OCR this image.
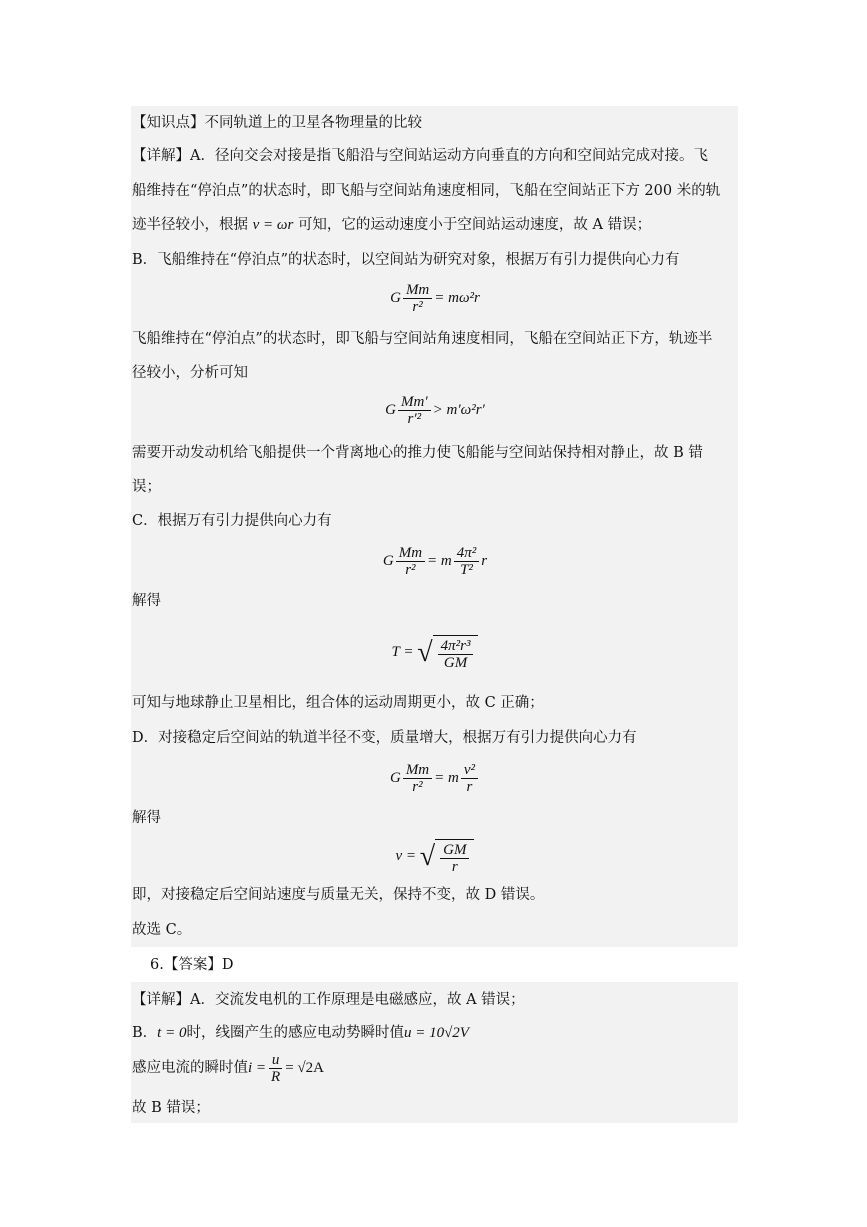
【知识点】不同轨道上的卫星各物理量的比较
【详解】A．径向交会对接是指飞船沿与空间站运动方向垂直的方向和空间站完成对接。飞
船维持在“停泊点”的状态时，即飞船与空间站角速度相同，飞船在空间站正下方 200 米的轨
迹半径较小，根据 v = ωr 可知，它的运动速度小于空间站运动速度，故 A 错误；
B．飞船维持在“停泊点”的状态时，以空间站为研究对象，根据万有引力提供向心力有
G $\frac{Mm}{\text{r²}} = m\omega^2r$
飞船维持在“停泊点”的状态时，即飞船与空间站角速度相同，飞船在空间站正下方，轨迹半
径较小，分析可知
G $\frac{Mm'}{\text{r′²}} > m'\omega^2r'$
需要开动发动机给飞船提供一个背离地心的推力使飞船能与空间站保持相对静止，故 B 错
误；
C．根据万有引力提供向心力有
G $\frac{Mm}{\text{r²}} = m \frac{\text{4π²}}{\text{T²}}$ r
解得
T = √ $\frac{\text{4π²r³}}{GM}$
可知与地球静止卫星相比，组合体的运动周期更小，故 C 正确；
D．对接稳定后空间站的轨道半径不变，质量增大，根据万有引力提供向心力有
G $\frac{Mm}{\text{r²}} = m \frac{\text{v²}}{r}$
解得
v = √ $\frac{GM}{r}$
即，对接稳定后空间站速度与质量无关，保持不变，故 D 错误。
故选 C。
6.【答案】D
【详解】A．交流发电机的工作原理是电磁感应，故 A 错误；
B．t = 0时，线圈产生的感应电动势瞬时值u = 10√2V
感应电流的瞬时值$i = \frac{u}{R} = √2A$
故 B 错误；
